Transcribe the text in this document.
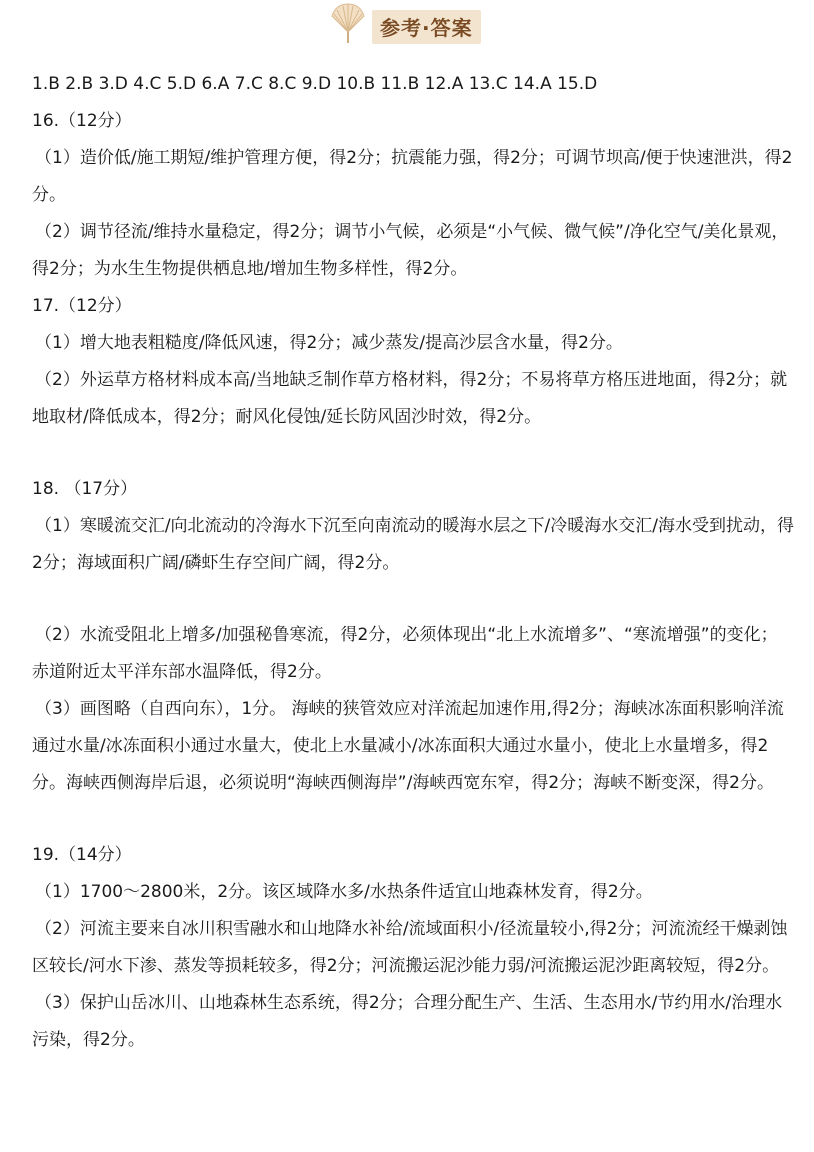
参考·答案

1.B 2.B 3.D 4.C 5.D 6.A 7.C 8.C 9.D 10.B 11.B 12.A 13.C 14.A 15.D

16.（12分）

（1）造价低/施工期短/维护管理方便，得2分；抗震能力强，得2分；可调节坝高/便于快速泄洪，得2分。

（2）调节径流/维持水量稳定，得2分；调节小气候，必须是“小气候、微气候”/净化空气/美化景观，得2分；为水生生物提供栖息地/增加生物多样性，得2分。

17.（12分）

（1）增大地表粗糙度/降低风速，得2分；减少蒸发/提高沙层含水量，得2分。

（2）外运草方格材料成本高/当地缺乏制作草方格材料，得2分；不易将草方格压进地面，得2分；就地取材/降低成本，得2分；耐风化侵蚀/延长防风固沙时效，得2分。

18. （17分）

（1）寒暖流交汇/向北流动的冷海水下沉至向南流动的暖海水层之下/冷暖海水交汇/海水受到扰动，得2分；海域面积广阔/磷虾生存空间广阔，得2分。

（2）水流受阻北上增多/加强秘鲁寒流，得2分，必须体现出“北上水流增多”、“寒流增强”的变化；赤道附近太平洋东部水温降低，得2分。

（3）画图略（自西向东），1分。 海峡的狭管效应对洋流起加速作用,得2分；海峡冰冻面积影响洋流通过水量/冰冻面积小通过水量大，使北上水量减小/冰冻面积大通过水量小，使北上水量增多，得2分。海峡西侧海岸后退，必须说明“海峡西侧海岸”/海峡西宽东窄，得2分；海峡不断变深，得2分。

19.（14分）

（1）1700～2800米，2分。该区域降水多/水热条件适宜山地森林发育，得2分。

（2）河流主要来自冰川积雪融水和山地降水补给/流域面积小/径流量较小,得2分；河流流经干燥剥蚀区较长/河水下渗、蒸发等损耗较多，得2分；河流搬运泥沙能力弱/河流搬运泥沙距离较短，得2分。

（3）保护山岳冰川、山地森林生态系统，得2分；合理分配生产、生活、生态用水/节约用水/治理水污染，得2分。
